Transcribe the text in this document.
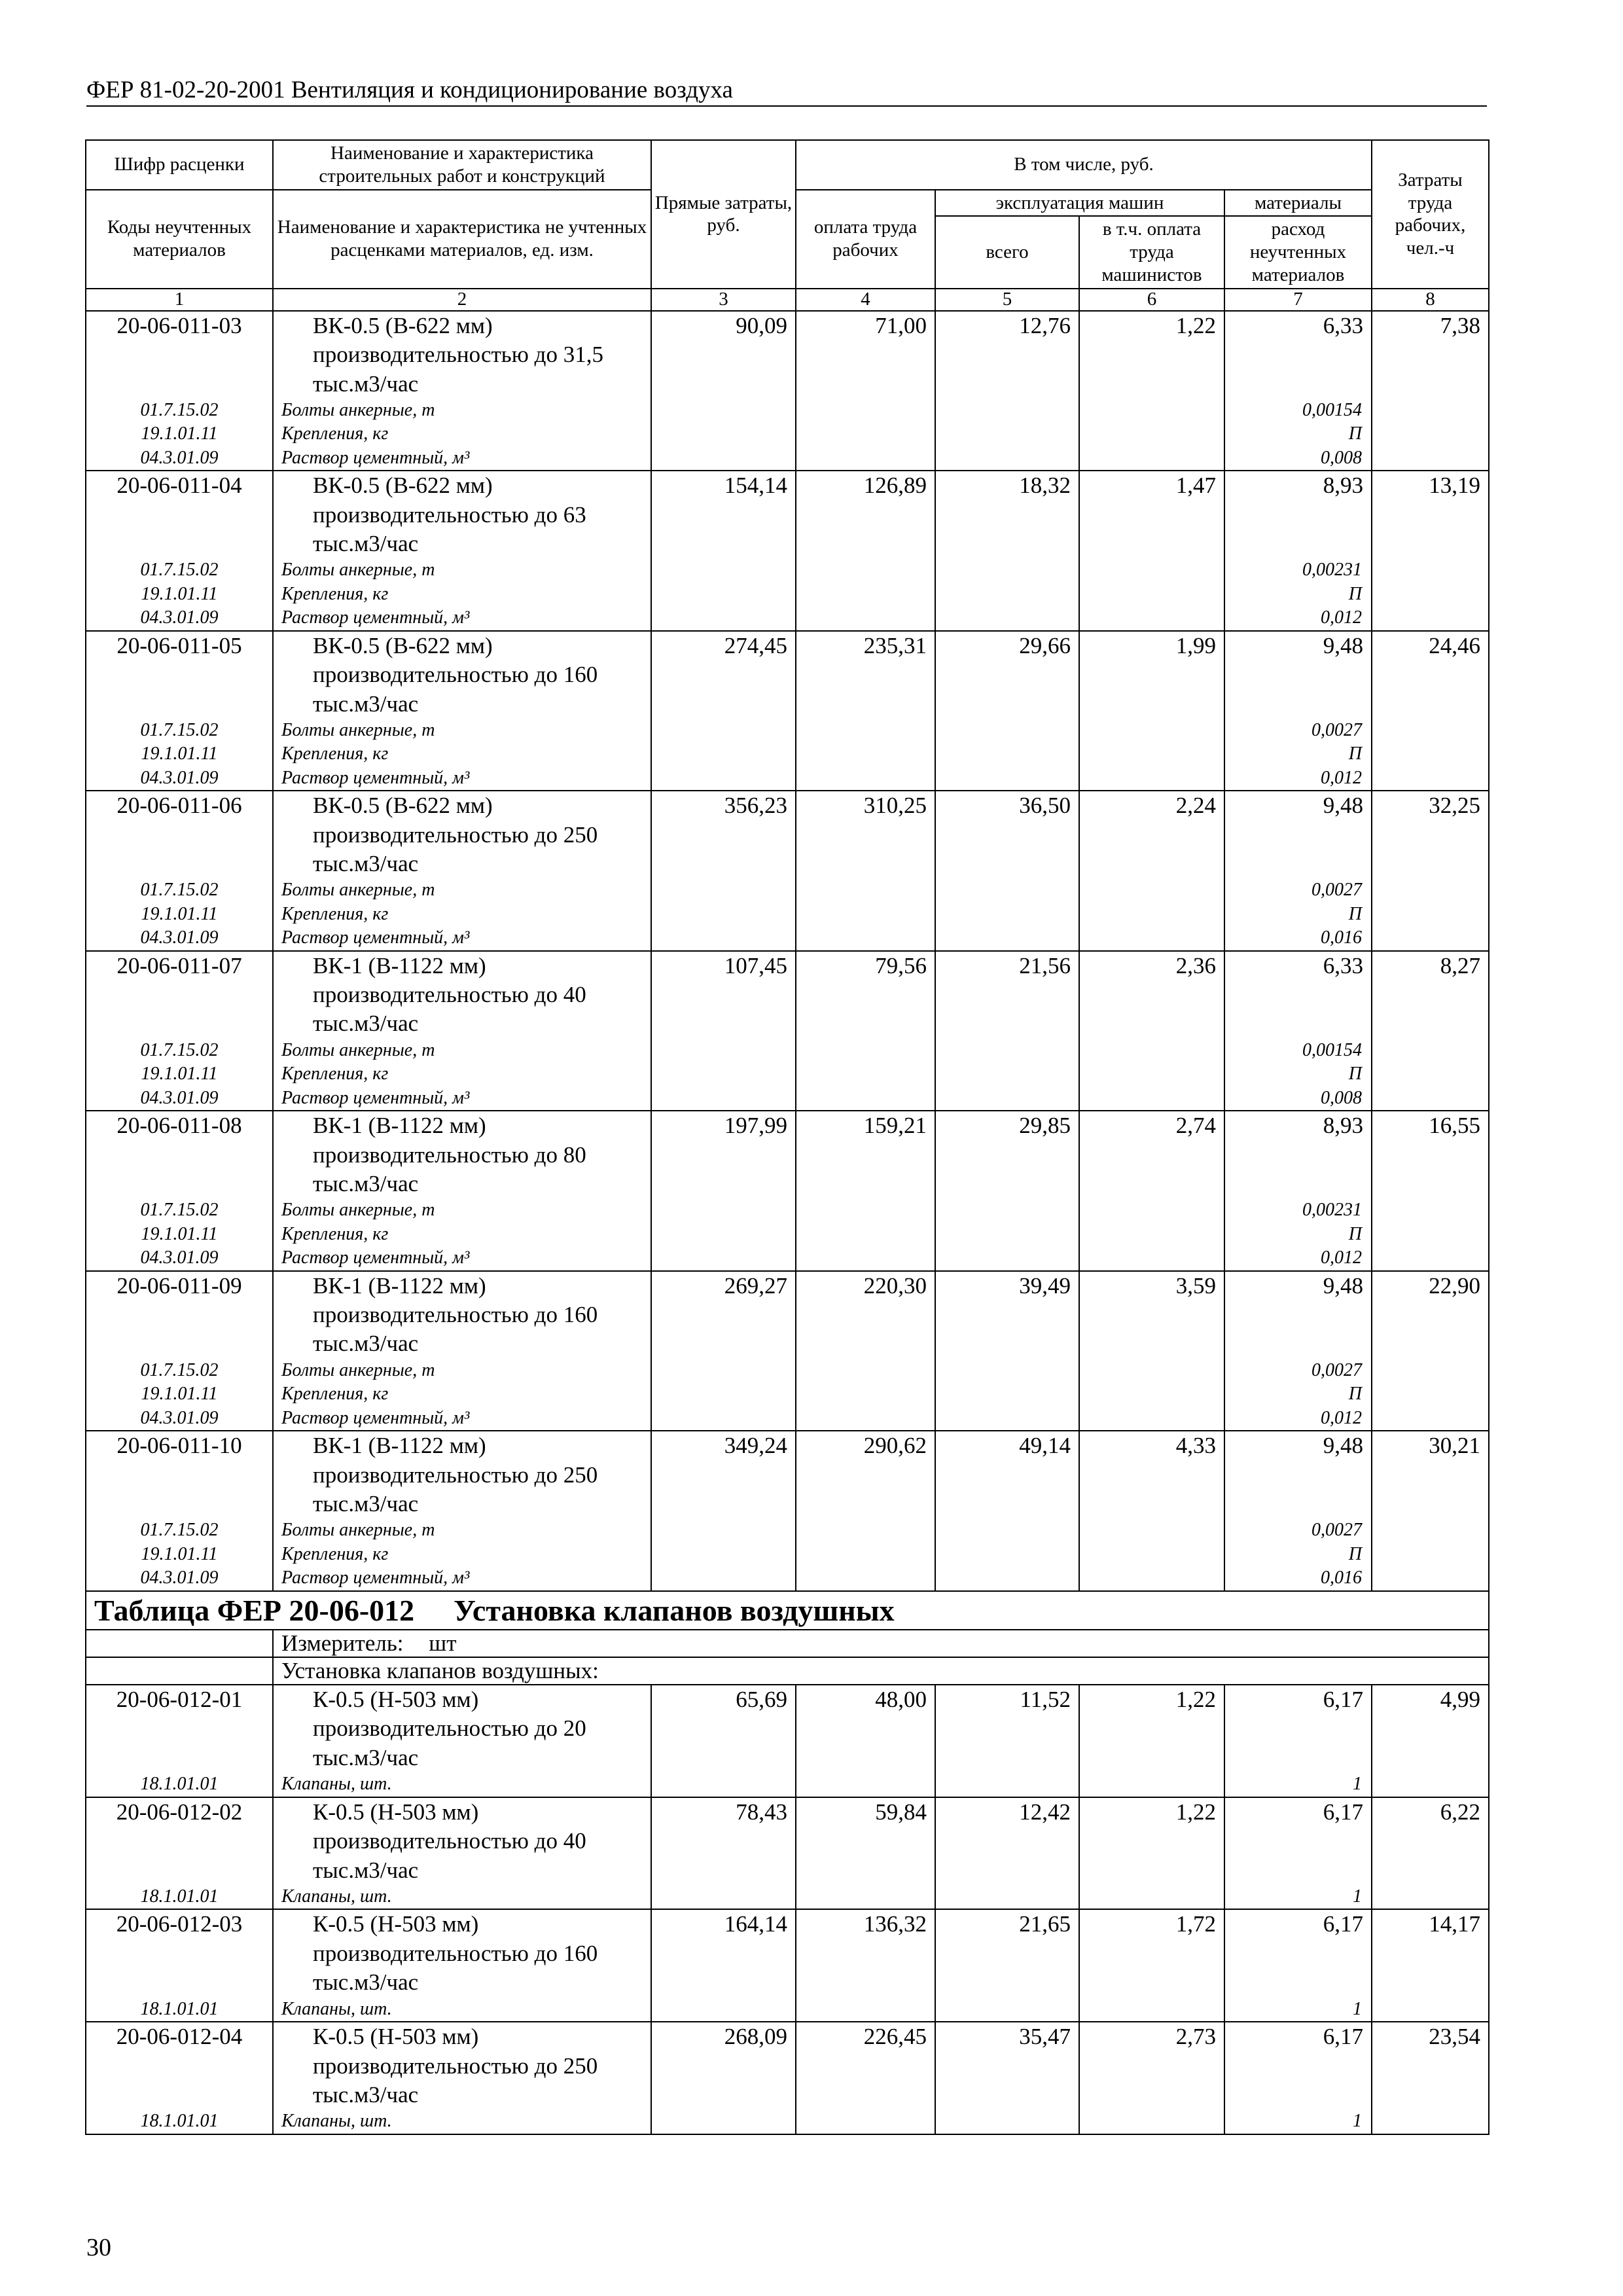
ФЕР 81-02-20-2001 Вентиляция и кондиционирование воздуха
Шифр расценки	Наименование и характеристика строительных работ и конструкций	Прямые затраты, руб.	В том числе, руб.				Затраты труда рабочих, чел.-ч
Коды неучтенных материалов	Наименование и характеристика не учтенных расценками материалов, ед. изм.		оплата труда рабочих	эксплуатация машин		материалы	
				всего	в т.ч. оплата труда машинистов	расход неучтенных материалов	
1	2	3	4	5	6	7	8
20-06-011-03	ВК-0.5 (В-622 мм)
производительностью до 31,5
тыс.м3/час	90,09	71,00	12,76	1,22	6,33	7,38
01.7.15.02	Болты анкерные, т					0,00154	
19.1.01.11	Крепления, кг					П	
04.3.01.09	Раствор цементный, м³					0,008	
20-06-011-04	ВК-0.5 (В-622 мм)
производительностью до 63
тыс.м3/час	154,14	126,89	18,32	1,47	8,93	13,19
01.7.15.02	Болты анкерные, т					0,00231	
19.1.01.11	Крепления, кг					П	
04.3.01.09	Раствор цементный, м³					0,012	
20-06-011-05	ВК-0.5 (В-622 мм)
производительностью до 160
тыс.м3/час	274,45	235,31	29,66	1,99	9,48	24,46
01.7.15.02	Болты анкерные, т					0,0027	
19.1.01.11	Крепления, кг					П	
04.3.01.09	Раствор цементный, м³					0,012	
20-06-011-06	ВК-0.5 (В-622 мм)
производительностью до 250
тыс.м3/час	356,23	310,25	36,50	2,24	9,48	32,25
01.7.15.02	Болты анкерные, т					0,0027	
19.1.01.11	Крепления, кг					П	
04.3.01.09	Раствор цементный, м³					0,016	
20-06-011-07	ВК-1 (В-1122 мм)
производительностью до 40
тыс.м3/час	107,45	79,56	21,56	2,36	6,33	8,27
01.7.15.02	Болты анкерные, т					0,00154	
19.1.01.11	Крепления, кг					П	
04.3.01.09	Раствор цементный, м³					0,008	
20-06-011-08	ВК-1 (В-1122 мм)
производительностью до 80
тыс.м3/час	197,99	159,21	29,85	2,74	8,93	16,55
01.7.15.02	Болты анкерные, т					0,00231	
19.1.01.11	Крепления, кг					П	
04.3.01.09	Раствор цементный, м³					0,012	
20-06-011-09	ВК-1 (В-1122 мм)
производительностью до 160
тыс.м3/час	269,27	220,30	39,49	3,59	9,48	22,90
01.7.15.02	Болты анкерные, т					0,0027	
19.1.01.11	Крепления, кг					П	
04.3.01.09	Раствор цементный, м³					0,012	
20-06-011-10	ВК-1 (В-1122 мм)
производительностью до 250
тыс.м3/час	349,24	290,62	49,14	4,33	9,48	30,21
01.7.15.02	Болты анкерные, т					0,0027	
19.1.01.11	Крепления, кг					П	
04.3.01.09	Раствор цементный, м³					0,016	
Таблица ФЕР 20-06-012 Установка клапанов воздушных							
	Измеритель: шт						
	Установка клапанов воздушных:						
20-06-012-01	К-0.5 (Н-503 мм)
производительностью до 20
тыс.м3/час	65,69	48,00	11,52	1,22	6,17	4,99
18.1.01.01	Клапаны, шт.					1	
20-06-012-02	К-0.5 (Н-503 мм)
производительностью до 40
тыс.м3/час	78,43	59,84	12,42	1,22	6,17	6,22
18.1.01.01	Клапаны, шт.					1	
20-06-012-03	К-0.5 (Н-503 мм)
производительностью до 160
тыс.м3/час	164,14	136,32	21,65	1,72	6,17	14,17
18.1.01.01	Клапаны, шт.					1	
20-06-012-04	К-0.5 (Н-503 мм)
производительностью до 250
тыс.м3/час	268,09	226,45	35,47	2,73	6,17	23,54
18.1.01.01	Клапаны, шт.					1	
30
